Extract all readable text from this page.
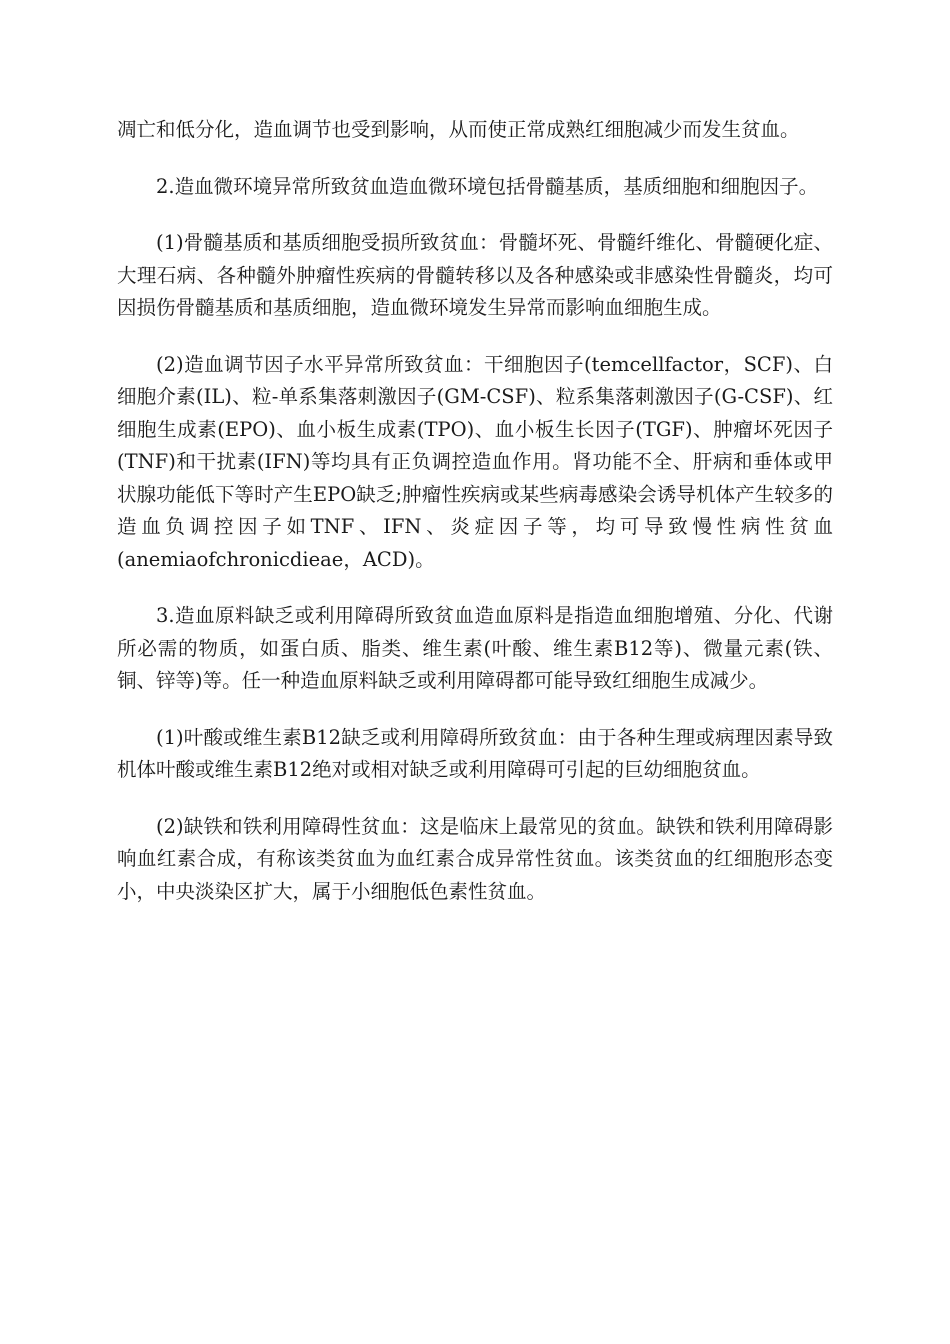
凋亡和低分化，造血调节也受到影响，从而使正常成熟红细胞减少而发生贫血。

2.造血微环境异常所致贫血造血微环境包括骨髓基质，基质细胞和细胞因子。

(1)骨髓基质和基质细胞受损所致贫血：骨髓坏死、骨髓纤维化、骨髓硬化症、大理石病、各种髓外肿瘤性疾病的骨髓转移以及各种感染或非感染性骨髓炎，均可因损伤骨髓基质和基质细胞，造血微环境发生异常而影响血细胞生成。

(2)造血调节因子水平异常所致贫血：干细胞因子(temcellfactor，SCF)、白细胞介素(IL)、粒-单系集落刺激因子(GM-CSF)、粒系集落刺激因子(G-CSF)、红细胞生成素(EPO)、血小板生成素(TPO)、血小板生长因子(TGF)、肿瘤坏死因子(TNF)和干扰素(IFN)等均具有正负调控造血作用。肾功能不全、肝病和垂体或甲状腺功能低下等时产生EPO缺乏;肿瘤性疾病或某些病毒感染会诱导机体产生较多的造血负调控因子如TNF、IFN、炎症因子等，均可导致慢性病性贫血(anemiaofchronicdieae，ACD)。

3.造血原料缺乏或利用障碍所致贫血造血原料是指造血细胞增殖、分化、代谢所必需的物质，如蛋白质、脂类、维生素(叶酸、维生素B12等)、微量元素(铁、铜、锌等)等。任一种造血原料缺乏或利用障碍都可能导致红细胞生成减少。

(1)叶酸或维生素B12缺乏或利用障碍所致贫血：由于各种生理或病理因素导致机体叶酸或维生素B12绝对或相对缺乏或利用障碍可引起的巨幼细胞贫血。

(2)缺铁和铁利用障碍性贫血：这是临床上最常见的贫血。缺铁和铁利用障碍影响血红素合成，有称该类贫血为血红素合成异常性贫血。该类贫血的红细胞形态变小，中央淡染区扩大，属于小细胞低色素性贫血。
